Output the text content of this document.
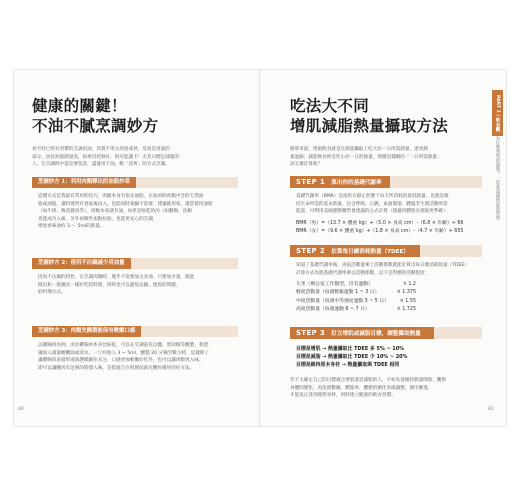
健康的關鍵！
不油不膩烹調妙方
看平時已經有習慣的烹調用油，其實不用太刻意戒掉，反而是用量的
部分，由於油脂熱量高，如果沒控制好，很可能讓卡！尤其日標是減脂的
人，在烹調時中還是要留意，盡量用不油、輕「清爽」的方式烹調。
烹調妙方 1：利用肉類釋出的油脂炒菜
這種方式是我最有常用的技巧，肉類本身有很多油脂，在油煎時肉類中含的天然油
脂或油脂，讓料理更有香氣後再入，也能同時兼顧不需要，建議挑用家，適當使用油脂
（如牛排、梅花豬肉等），肉類本身就有油，如果是較乾的肉（如雞胸、魚類
也能成功入味，另外再額外加點好油，也能更安心的烹調，
增加香味油約 3 ～ 5ml的熱量。
烹調妙方 2：使用不沾鍋減少用油量
因為不沾鍋的特性，在烹調肉類時，幾乎不需要加太多油，只要加少量，就能
做出和一般鍋具一樣好吃的料理，同時也可以避免沾鍋、燒焦的問題，
的料理方式。
烹調妙方 3：肉類先醃製能保有軟嫩口感
以雞胸肉為例，由於雞胸肉本身比較乾，可以在烹調前先以鹽、黑胡椒等醃製，我建
議加入適量橄欖油或清水，一斤約加入 3 ~ 5ml，醃製 20 分鐘至數小時，這樣除了
讓雞胸肉表層形成保護膜鎖住水分，口感更加軟嫩好吃外，也可以讓肉類更入味。
即可以讓醃肉有足夠的時間入味，是很適合在料理前就先醃好備用的好方法。
80
吃法大不同
增肌減脂熱量攝取方法
簡單來說，增肌飲食就是在熱量攝取上吃大於一日所需熱量，達到熱
量盈餘；減脂飲食則是吃小於一日的熱量，那麼這樣稱的「一日所需熱量」
該怎麼計算呢？
STEP 1 算出你的基礎代謝率
基礎代謝率（BMR）是指你在靜止狀態下每天所消耗的最低熱量，也就是維
持生命所需的基本熱量，包含呼吸、心跳、血液循環、體溫等生理活動所需
能量，可利用美國運動醫學會建議的公式計算（建議用體脂計測量更準確）：
BMR（男）=（13.7 × 體重 kg）+（5.0 × 身高 cm）-（6.8 × 年齡）+ 66
BMR（女）=（9.6 × 體重 kg）+（1.8 × 身高 cm）-（4.7 × 年齡）+ 655
STEP 2 估算每日總消耗熱量（TDEE）
知道了基礎代謝率後，再依活動量乘上活動係數就能計算出每日總消耗熱量（TDEE）
計算方式為將基礎代謝率乘以活動係數，以下是對應的活動程度：
久坐（辦公室工作類型，沒有運動）	× 1.2
輕度活動量（每週輕鬆運動 1 ~ 3 日）	× 1.375
中度活動量（每週中等強度運動 3 ~ 5 日）	× 1.55
高度活動量（每週運動 6 ~ 7 日）	× 1.725
STEP 3 訂立增肌或減脂目標，調整攝取熱量
目標是增肌 → 熱量攝取比 TDEE 多 5% ~ 10%
目標是減脂 → 熱量攝取比 TDEE 少 10% ~ 20%
目標是維持原本身材 → 熱量攝取與 TDEE 相同
若不太確定自己的目標適合增肌還是減脂的人，不妨先從維持熱量開始，觀察
身體的變化，再依照數據、體脂率、體態的變化來做調整，循序漸進，
才能真正達到理想身材，同時建立健康的飲食習慣。
81
PART 1 | 飲食觀念篇
為什麼要增肌減脂？一起來認識熱量與營養
